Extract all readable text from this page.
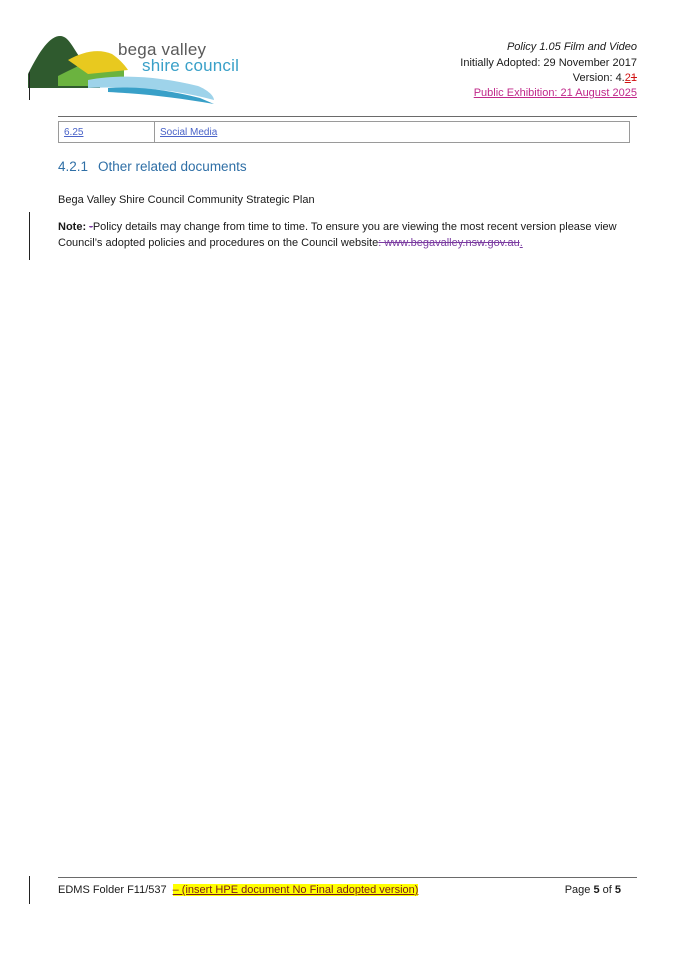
bega valley
shire council
Policy 1.05 Film and Video
Initially Adopted: 29 November 2017
Version: 4.21
Public Exhibition: 21 August 2025
6.25	Social Media
4.2.1 Other related documents
Bega Valley Shire Council Community Strategic Plan
Note: -Policy details may change from time to time. To ensure you are viewing the most recent version please view Council’s adopted policies and procedures on the Council website: www.begavalley.nsw.gov.au.
EDMS Folder F11/537 – (insert HPE document No Final adopted version)	Page 5 of 5
